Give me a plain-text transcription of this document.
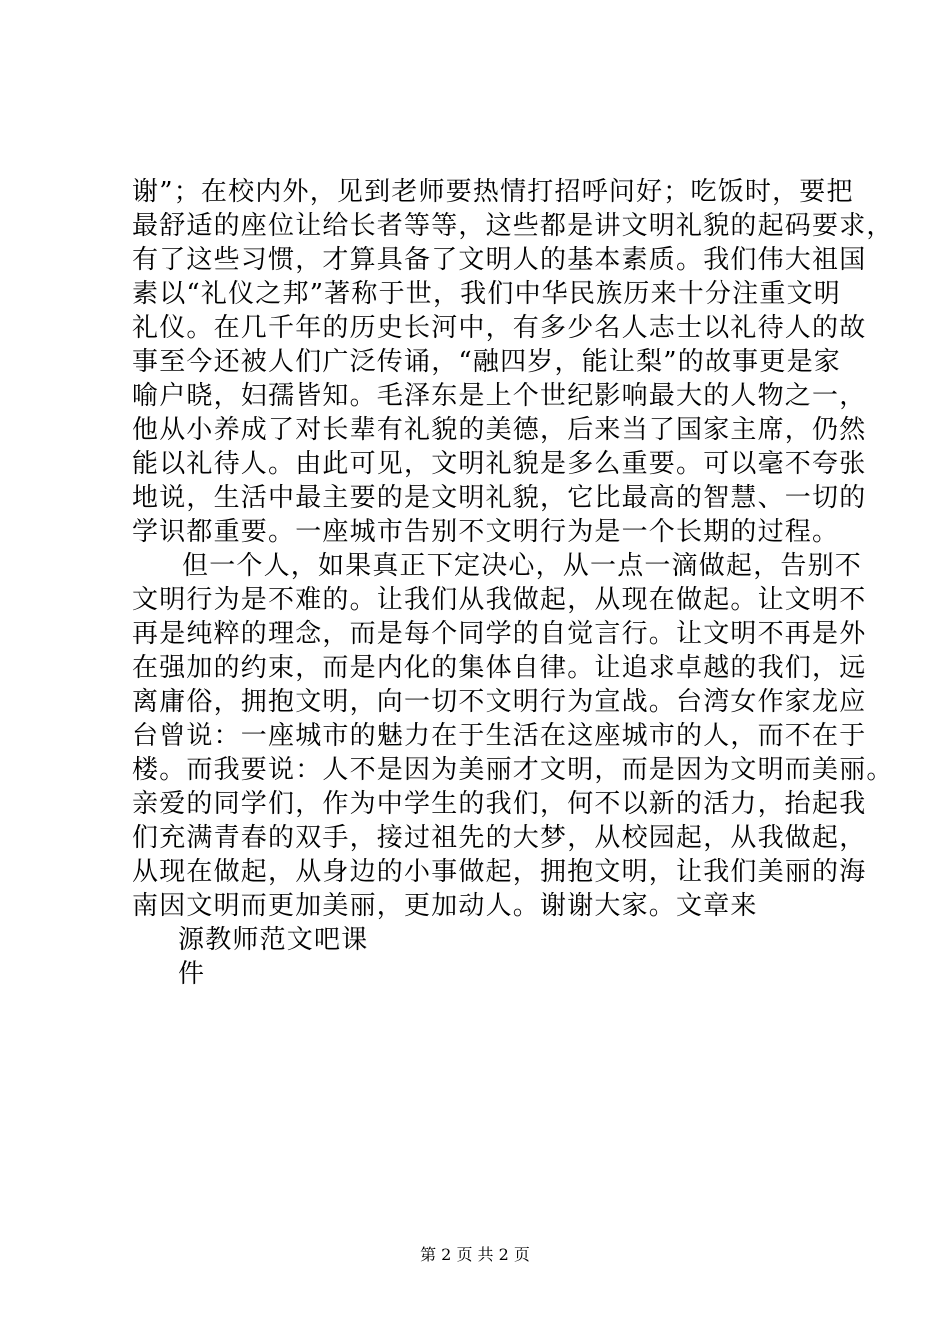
谢”；在校内外，见到老师要热情打招呼问好；吃饭时，要把
最舒适的座位让给长者等等，这些都是讲文明礼貌的起码要求，
有了这些习惯，才算具备了文明人的基本素质。我们伟大祖国
素以“礼仪之邦”著称于世，我们中华民族历来十分注重文明
礼仪。在几千年的历史长河中，有多少名人志士以礼待人的故
事至今还被人们广泛传诵，“融四岁，能让梨”的故事更是家
喻户晓，妇孺皆知。毛泽东是上个世纪影响最大的人物之一，
他从小养成了对长辈有礼貌的美德，后来当了国家主席，仍然
能以礼待人。由此可见，文明礼貌是多么重要。可以毫不夸张
地说，生活中最主要的是文明礼貌，它比最高的智慧、一切的
学识都重要。一座城市告别不文明行为是一个长期的过程。
但一个人，如果真正下定决心，从一点一滴做起，告别不
文明行为是不难的。让我们从我做起，从现在做起。让文明不
再是纯粹的理念，而是每个同学的自觉言行。让文明不再是外
在强加的约束，而是内化的集体自律。让追求卓越的我们，远
离庸俗，拥抱文明，向一切不文明行为宣战。台湾女作家龙应
台曾说：一座城市的魅力在于生活在这座城市的人，而不在于
楼。而我要说：人不是因为美丽才文明，而是因为文明而美丽。
亲爱的同学们，作为中学生的我们，何不以新的活力，抬起我
们充满青春的双手，接过祖先的大梦，从校园起，从我做起，
从现在做起，从身边的小事做起，拥抱文明，让我们美丽的海
南因文明而更加美丽，更加动人。谢谢大家。文章来
源教师范文吧课
件
第 2 页 共 2 页
